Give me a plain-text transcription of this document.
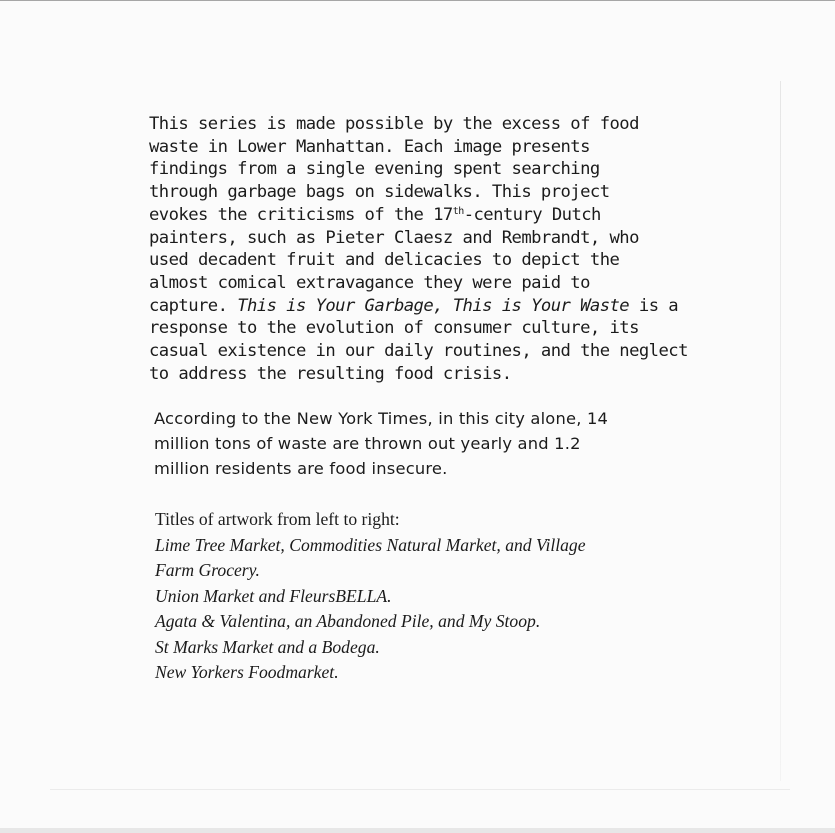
This series is made possible by the excess of food
waste in Lower Manhattan. Each image presents
findings from a single evening spent searching
through garbage bags on sidewalks. This project
evokes the criticisms of the 17th-century Dutch
painters, such as Pieter Claesz and Rembrandt, who
used decadent fruit and delicacies to depict the
almost comical extravagance they were paid to
capture. This is Your Garbage, This is Your Waste is a
response to the evolution of consumer culture, its
casual existence in our daily routines, and the neglect
to address the resulting food crisis.

According to the New York Times, in this city alone, 14
million tons of waste are thrown out yearly and 1.2
million residents are food insecure.

Titles of artwork from left to right:
Lime Tree Market, Commodities Natural Market, and Village
Farm Grocery.
Union Market and FleursBELLA.
Agata & Valentina, an Abandoned Pile, and My Stoop.
St Marks Market and a Bodega.
New Yorkers Foodmarket.
